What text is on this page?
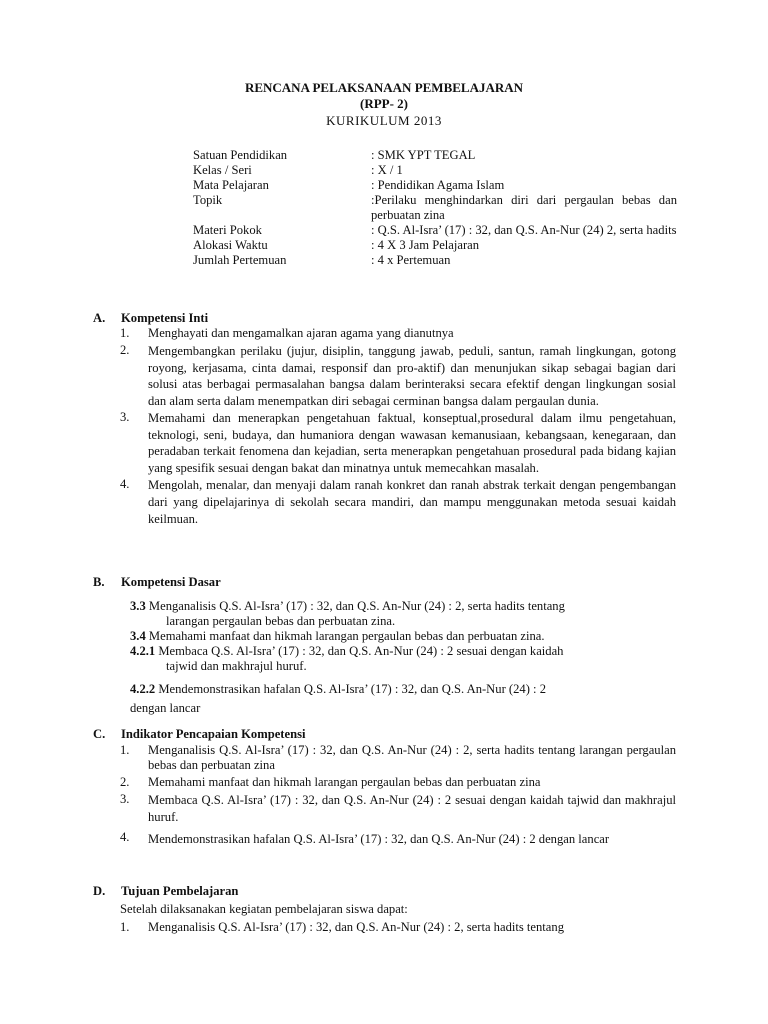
RENCANA PELAKSANAAN PEMBELAJARAN
(RPP- 2)
KURIKULUM 2013
Satuan Pendidikan	: SMK YPT TEGAL
Kelas / Seri	: X / 1
Mata Pelajaran	: Pendidikan Agama Islam
Topik	:Perilaku menghindarkan diri dari pergaulan bebas dan perbuatan zina
Materi Pokok	: Q.S. Al-Isra’ (17) : 32, dan Q.S. An-Nur (24) 2, serta hadits
Alokasi Waktu	: 4 X 3 Jam Pelajaran
Jumlah Pertemuan	: 4 x Pertemuan
A. Kompetensi Inti
1.	Menghayati dan mengamalkan ajaran agama yang dianutnya
2.	Mengembangkan perilaku (jujur, disiplin, tanggung jawab, peduli, santun, ramah lingkungan, gotong royong, kerjasama, cinta damai, responsif dan pro-aktif) dan menunjukan sikap sebagai bagian dari solusi atas berbagai permasalahan bangsa dalam berinteraksi secara efektif dengan lingkungan sosial dan alam serta dalam menempatkan diri sebagai cerminan bangsa dalam pergaulan dunia.
3.	Memahami dan menerapkan pengetahuan faktual, konseptual,prosedural dalam ilmu pengetahuan, teknologi, seni, budaya, dan humaniora dengan wawasan kemanusiaan, kebangsaan, kenegaraan, dan peradaban terkait fenomena dan kejadian, serta menerapkan pengetahuan prosedural pada bidang kajian yang spesifik sesuai dengan bakat dan minatnya untuk memecahkan masalah.
4.	Mengolah, menalar, dan menyaji dalam ranah konkret dan ranah abstrak terkait dengan pengembangan dari yang dipelajarinya di sekolah secara mandiri, dan mampu menggunakan metoda sesuai kaidah keilmuan.
B. Kompetensi Dasar
3.3 Menganalisis Q.S. Al-Isra’ (17) : 32, dan Q.S. An-Nur (24) : 2, serta hadits tentang
larangan pergaulan bebas dan perbuatan zina.
3.4 Memahami manfaat dan hikmah larangan pergaulan bebas dan perbuatan zina.
4.2.1 Membaca Q.S. Al-Isra’ (17) : 32, dan Q.S. An-Nur (24) : 2 sesuai dengan kaidah
tajwid dan makhrajul huruf.
4.2.2 Mendemonstrasikan hafalan Q.S. Al-Isra’ (17) : 32, dan Q.S. An-Nur (24) : 2
dengan lancar
C. Indikator Pencapaian Kompetensi
1.	Menganalisis Q.S. Al-Isra’ (17) : 32, dan Q.S. An-Nur (24) : 2, serta hadits tentang larangan pergaulan bebas dan perbuatan zina
2.	Memahami manfaat dan hikmah larangan pergaulan bebas dan perbuatan zina
3.	Membaca Q.S. Al-Isra’ (17) : 32, dan Q.S. An-Nur (24) : 2 sesuai dengan kaidah tajwid dan makhrajul huruf.
4.	Mendemonstrasikan hafalan Q.S. Al-Isra’ (17) : 32, dan Q.S. An-Nur (24) : 2 dengan lancar
D. Tujuan Pembelajaran
Setelah dilaksanakan kegiatan pembelajaran siswa dapat:
1.	Menganalisis Q.S. Al-Isra’ (17) : 32, dan Q.S. An-Nur (24) : 2, serta hadits tentang
